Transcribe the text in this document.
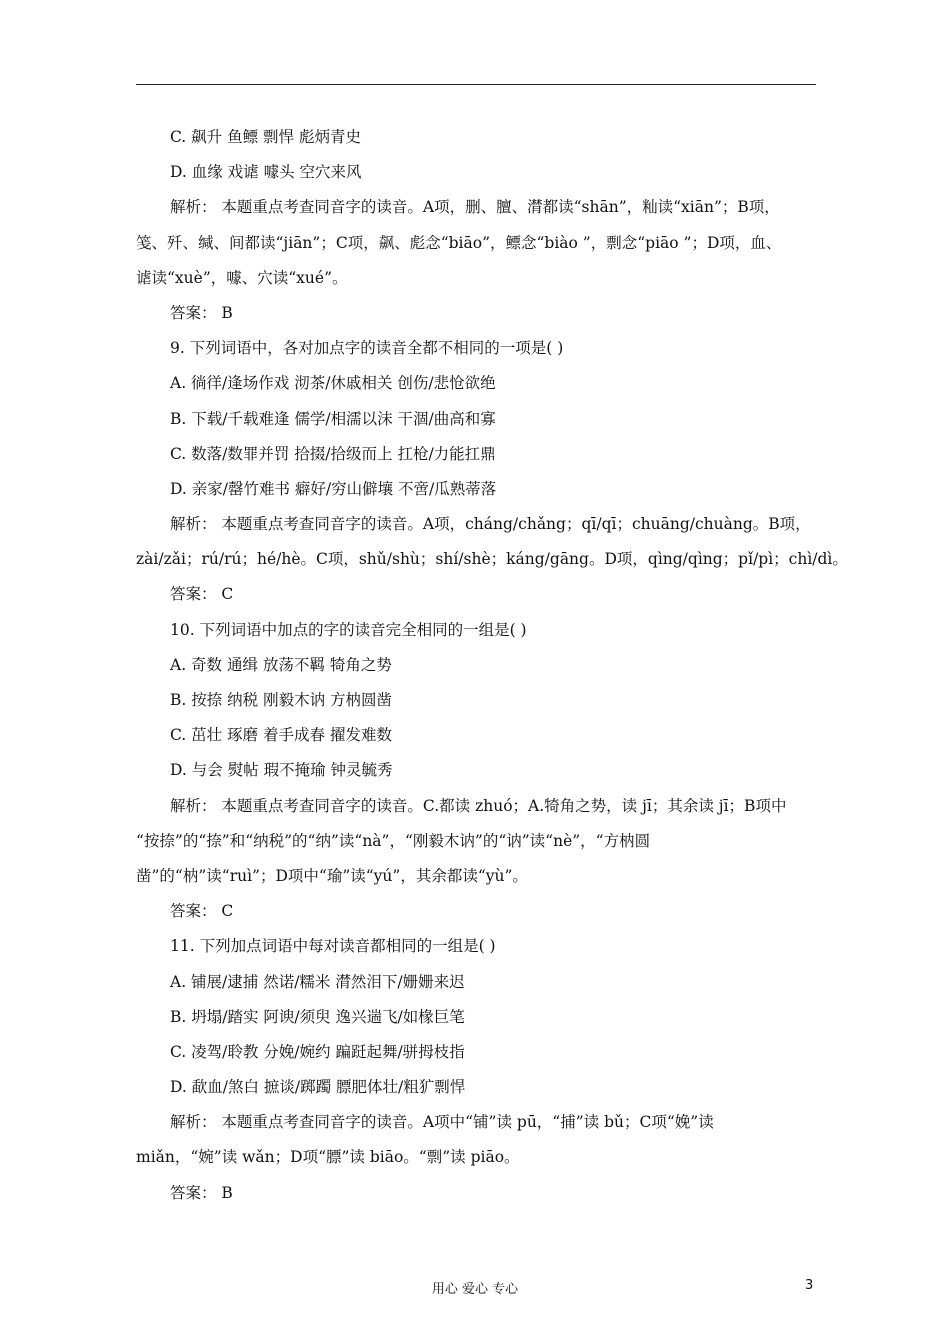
C. 飙升 鱼鳔 剽悍 彪炳青史
D. 血缘 戏谑 噱头 空穴来风
解析： 本题重点考查同音字的读音。A项，删、膻、潸都读“shān”，籼读“xiān”；B项，
笺、歼、缄、间都读“jiān”；C项，飙、彪念“biāo”，鳔念“biào ”，剽念“piāo ”；D项，血、
谑读“xuè”，噱、穴读“xué”。
答案： B
9. 下列词语中，各对加点字的读音全都不相同的一项是( )
A. 徜徉/逢场作戏 沏茶/休戚相关 创伤/悲怆欲绝
B. 下载/千载难逢 儒学/相濡以沫 干涸/曲高和寡
C. 数落/数罪并罚 拾掇/拾级而上 扛枪/力能扛鼎
D. 亲家/罄竹难书 癖好/穷山僻壤 不啻/瓜熟蒂落
解析： 本题重点考查同音字的读音。A项，cháng/chǎng；qī/qī；chuāng/chuàng。B项，
zài/zǎi；rú/rú；hé/hè。C项，shǔ/shù；shí/shè；káng/gāng。D项，qìng/qìng；pǐ/pì；chì/dì。
答案： C
10. 下列词语中加点的字的读音完全相同的一组是( )
A. 奇数 通缉 放荡不羁 犄角之势
B. 按捺 纳税 刚毅木讷 方枘圆凿
C. 茁壮 琢磨 着手成春 擢发难数
D. 与会 熨帖 瑕不掩瑜 钟灵毓秀
解析： 本题重点考查同音字的读音。C.都读 zhuó；A.犄角之势，读 jī；其余读 jī；B项中
“按捺”的“捺”和“纳税”的“纳”读“nà”，“刚毅木讷”的“讷”读“nè”，“方枘圆
凿”的“枘”读“ruì”；D项中“瑜”读“yú”，其余都读“yù”。
答案： C
11. 下列加点词语中每对读音都相同的一组是( )
A. 铺展/逮捕 然诺/糯米 潸然泪下/姗姗来迟
B. 坍塌/踏实 阿谀/须臾 逸兴遄飞/如椽巨笔
C. 凌驾/聆教 分娩/婉约 蹁跹起舞/骈拇枝指
D. 歃血/煞白 摭谈/踯躅 膘肥体壮/粗犷剽悍
解析： 本题重点考查同音字的读音。A项中“铺”读 pū，“捕”读 bǔ；C项“娩”读
miǎn，“婉”读 wǎn；D项“膘”读 biāo。“剽”读 piāo。
答案： B
用心 爱心 专心	3
